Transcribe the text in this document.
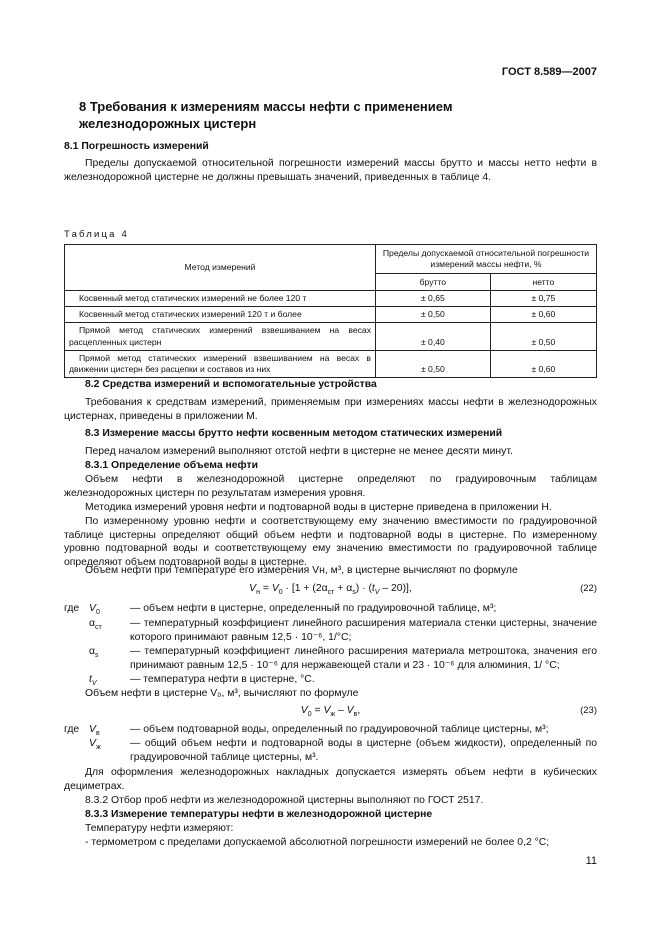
ГОСТ 8.589—2007
8 Требования к измерениям массы нефти с применением железнодорожных цистерн
8.1 Погрешность измерений
Пределы допускаемой относительной погрешности измерений массы брутто и массы нетто нефти в железнодорожной цистерне не должны превышать значений, приведенных в таблице 4.
Таблица 4
Метод измерений	Пределы допускаемой относительной погрешности измерений массы нефти, %	
	брутто	нетто
Косвенный метод статических измерений не более 120 т	± 0,65	± 0,75
Косвенный метод статических измерений 120 т и более	± 0,50	± 0,60
Прямой метод статических измерений взвешиванием на весах расцепленных цистерн	± 0,40	± 0,50
Прямой метод статических измерений взвешиванием на весах в движении цистерн без расцепки и составов из них	± 0,50	± 0,60
8.2 Средства измерений и вспомогательные устройства
Требования к средствам измерений, применяемым при измерениях массы нефти в железнодорожных цистернах, приведены в приложении М.
8.3 Измерение массы брутто нефти косвенным методом статических измерений
Перед началом измерений выполняют отстой нефти в цистерне не менее десяти минут.
8.3.1 Определение объема нефти
Объем нефти в железнодорожной цистерне определяют по градуировочным таблицам железнодорожных цистерн по результатам измерения уровня.
Методика измерений уровня нефти и подтоварной воды в цистерне приведена в приложении Н.
По измеренному уровню нефти и соответствующему ему значению вместимости по градуировочной таблице цистерны определяют общий объем нефти и подтоварной воды в цистерне. По измеренному уровню подтоварной воды и соответствующему ему значению вместимости по градуировочной таблице определяют объем подтоварной воды в цистерне.
Объем нефти при температуре его измерения Vн, м³, в цистерне вычисляют по формуле
$V_н = V_0 \cdot [1 + (2\alpha_{ст} + \alpha_s) \cdot (t_V - 20)]$,	(22)
где $V_0$	— объем нефти в цистерне, определенный по градуировочной таблице, м³;
$\alpha_{ст}$	— температурный коэффициент линейного расширения материала стенки цистерны, значение которого принимают равным 12,5 · 10⁻⁶, 1/°С;
$\alpha_s$	— температурный коэффициент линейного расширения материала метроштока, значения его принимают равным 12,5 · 10⁻⁶ для нержавеющей стали и 23 · 10⁻⁶ для алюминия, 1/ °С;
$t_V$	— температура нефти в цистерне, °С.
Объем нефти в цистерне V₀, м³, вычисляют по формуле
$V_0 = V_ж - V_в$,	(23)
где $V_в$	— объем подтоварной воды, определенный по градуировочной таблице цистерны, м³;
$V_ж$	— общий объем нефти и подтоварной воды в цистерне (объем жидкости), определенный по градуировочной таблице цистерны, м³.
Для оформления железнодорожных накладных допускается измерять объем нефти в кубических дециметрах.
8.3.2 Отбор проб нефти из железнодорожной цистерны выполняют по ГОСТ 2517.
8.3.3 Измерение температуры нефти в железнодорожной цистерне
Температуру нефти измеряют:
- термометром с пределами допускаемой абсолютной погрешности измерений не более 0,2 °С;
11
